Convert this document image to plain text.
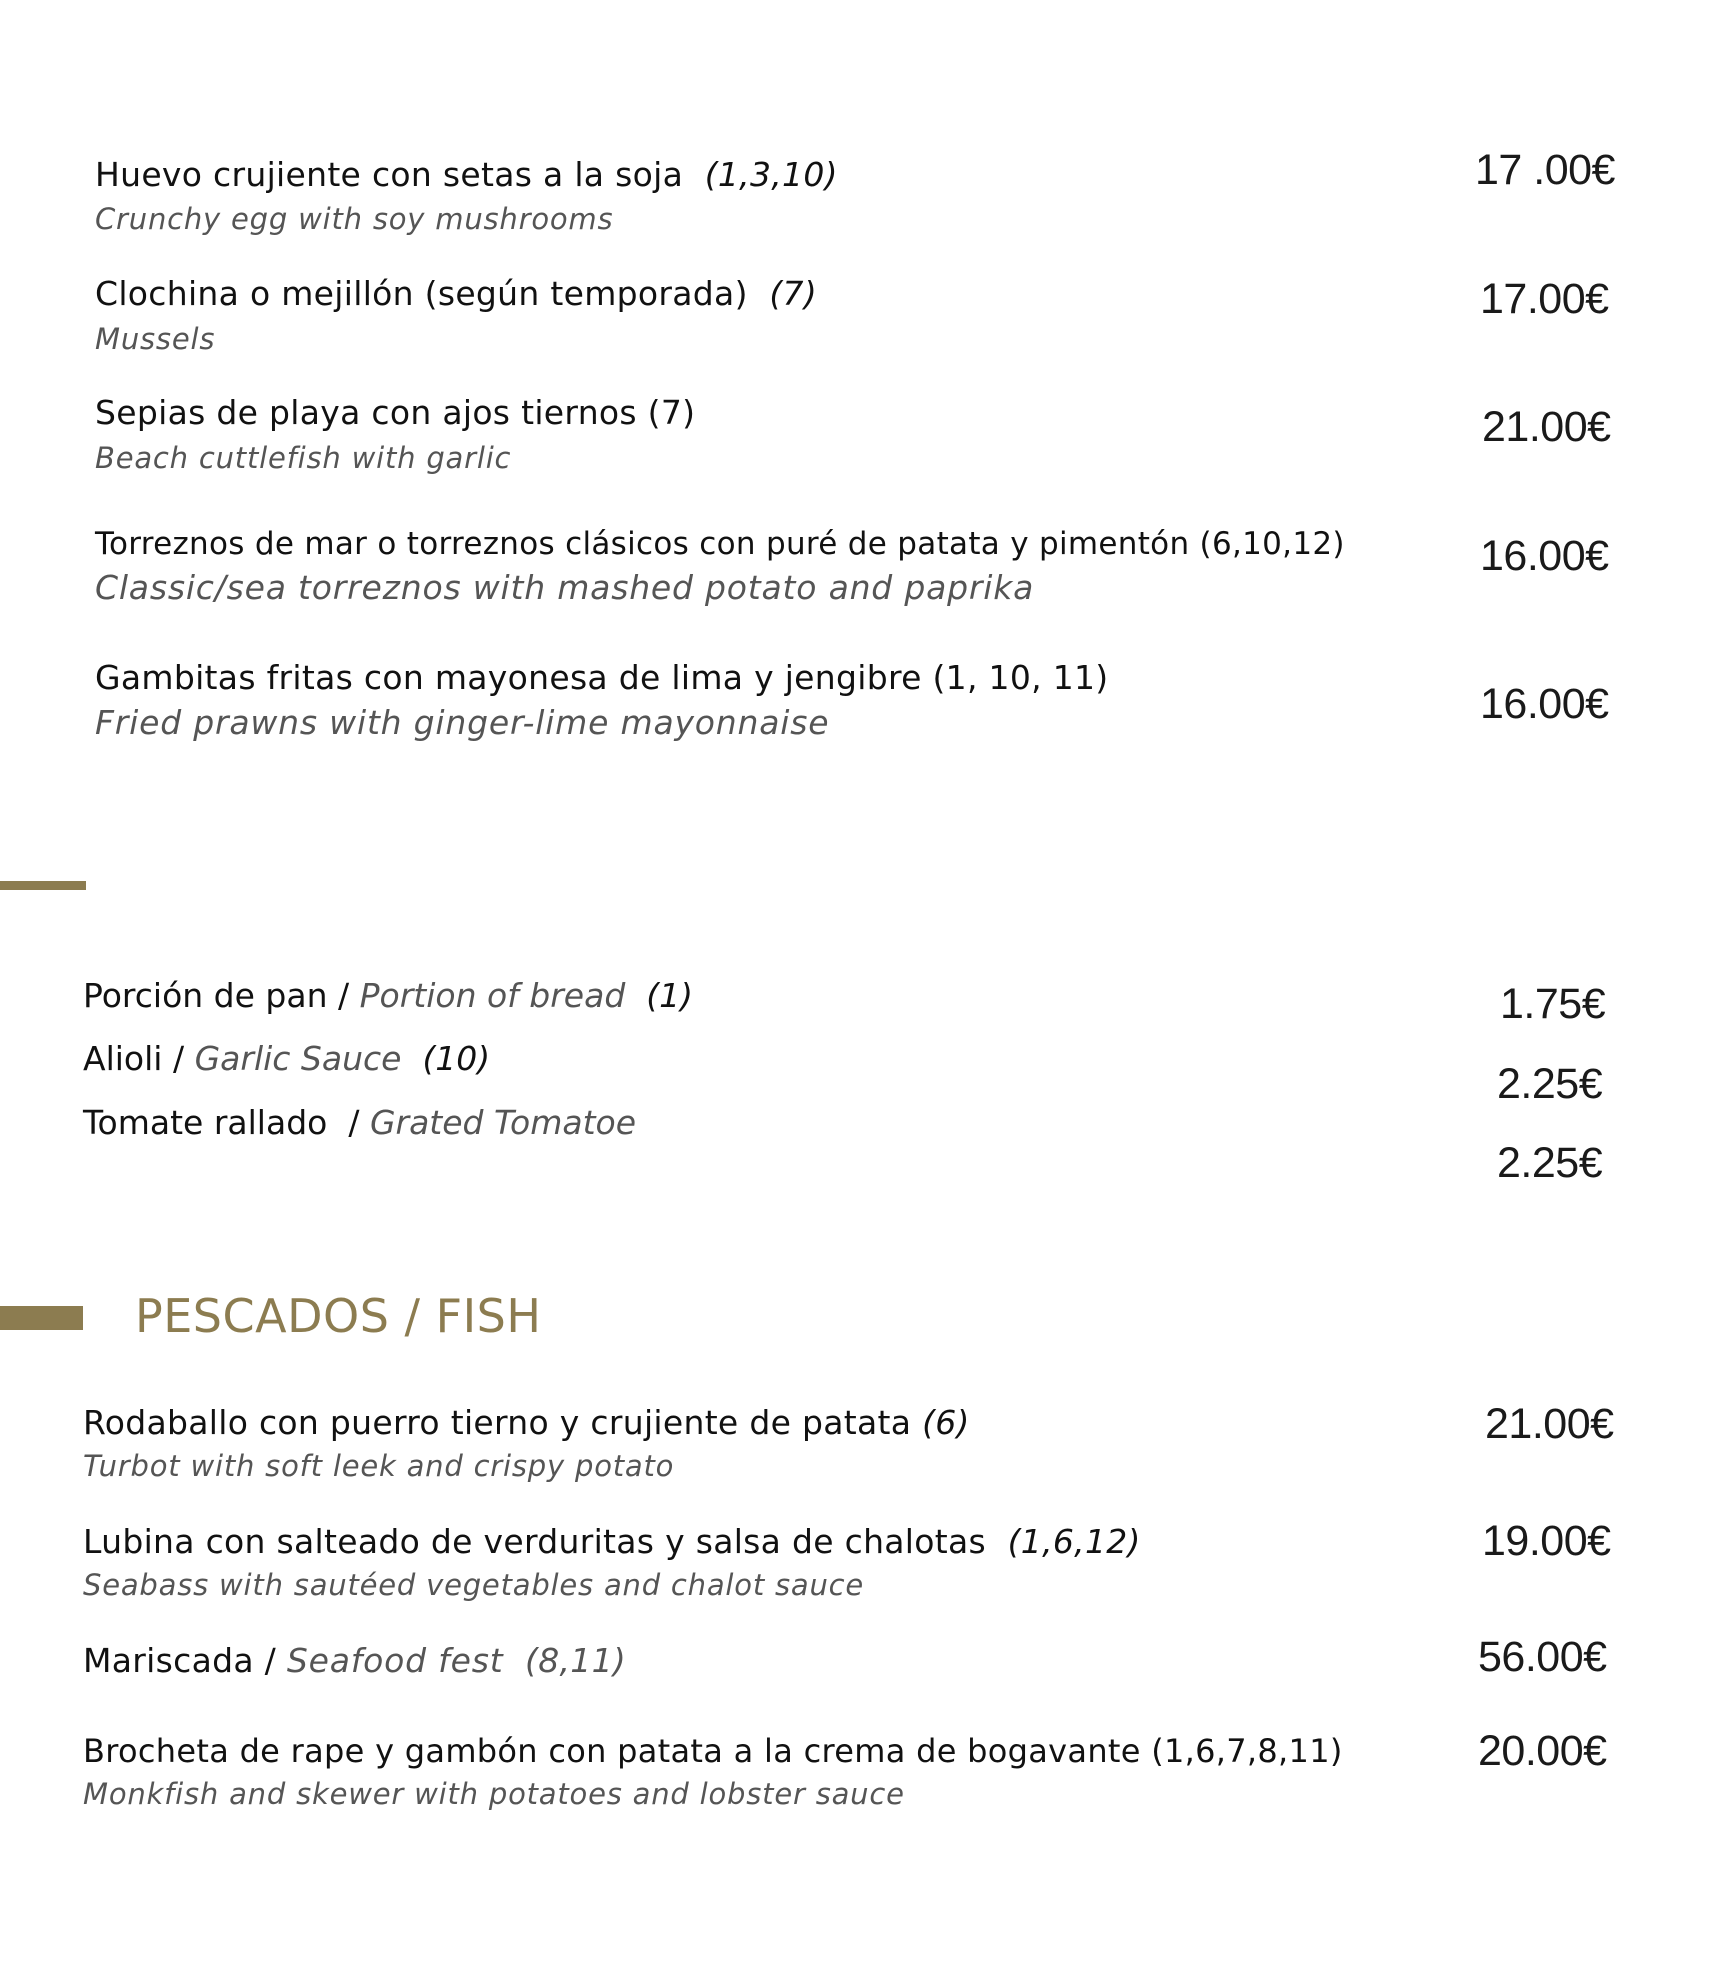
Huevo crujiente con setas a la soja (1,3,10)
Crunchy egg with soy mushrooms
17 .00€
Clochina o mejillón (según temporada) (7)
Mussels
17.00€
Sepias de playa con ajos tiernos (7)
Beach cuttlefish with garlic
21.00€
Torreznos de mar o torreznos clásicos con puré de patata y pimentón (6,10,12)
Classic/sea torreznos with mashed potato and paprika
16.00€
Gambitas fritas con mayonesa de lima y jengibre (1, 10, 11)
Fried prawns with ginger-lime mayonnaise	16.00€
Porción de pan / Portion of bread (1)
Alioli / Garlic Sauce (10)
Tomate rallado / Grated Tomatoe
1.75€
2.25€
2.25€
PESCADOS / FISH
Rodaballo con puerro tierno y crujiente de patata (6)
Turbot with soft leek and crispy potato
21.00€
Lubina con salteado de verduritas y salsa de chalotas (1,6,12)
Seabass with sautéed vegetables and chalot sauce
19.00€
Mariscada / Seafood fest (8,11)	56.00€
Brocheta de rape y gambón con patata a la crema de bogavante (1,6,7,8,11)
Monkfish and skewer with potatoes and lobster sauce
20.00€
